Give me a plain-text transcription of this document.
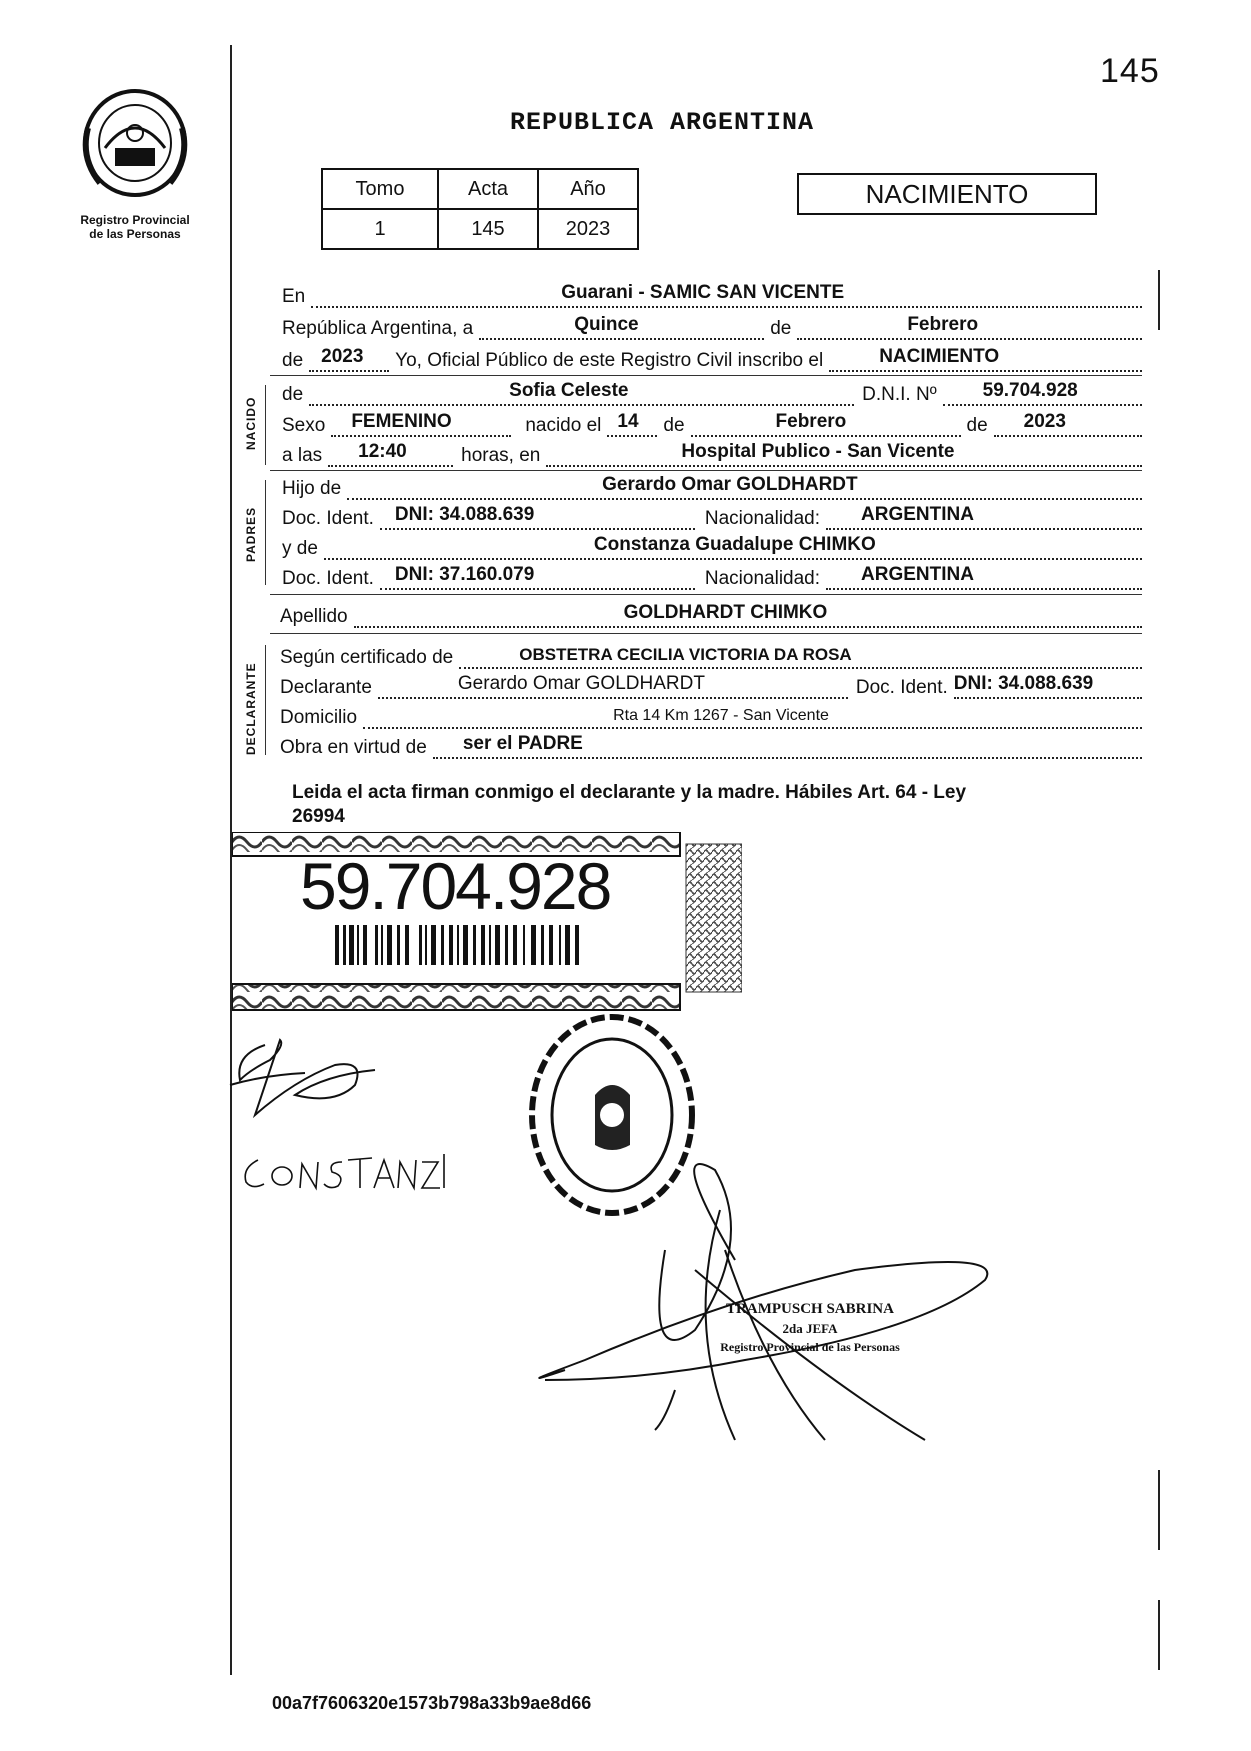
145
Registro Provincial
de las Personas
REPUBLICA ARGENTINA
Tomo	Acta	Año
1	145	2023
NACIMIENTO
En	Guarani - SAMIC SAN VICENTE
República Argentina, a	Quince	de	Febrero
de 2023 Yo, Oficial Público de este Registro Civil inscribo el	NACIMIENTO
NACIDO
de	Sofia Celeste	D.N.I. Nº 59.704.928
Sexo FEMENINO	nacido el 14 de	Febrero	de 2023
a las 12:40	horas, en	Hospital Publico - San Vicente
PADRES
Hijo de	Gerardo Omar GOLDHARDT
Doc. Ident. DNI: 34.088.639	Nacionalidad: ARGENTINA
y de	Constanza Guadalupe CHIMKO
Doc. Ident. DNI: 37.160.079	Nacionalidad: ARGENTINA
Apellido	GOLDHARDT CHIMKO
DECLARANTE
Según certificado de	OBSTETRA CECILIA VICTORIA DA ROSA
Declarante	Gerardo Omar GOLDHARDT	Doc. Ident. DNI: 34.088.639
Domicilio	Rta 14 Km 1267 - San Vicente
Obra en virtud de ser el PADRE
Leida el acta firman conmigo el declarante y la madre. Hábiles Art. 64 - Ley
26994
59.704.928
TRAMPUSCH SABRINA
2da JEFA
Registro Provincial de las Personas
00a7f7606320e1573b798a33b9ae8d66
